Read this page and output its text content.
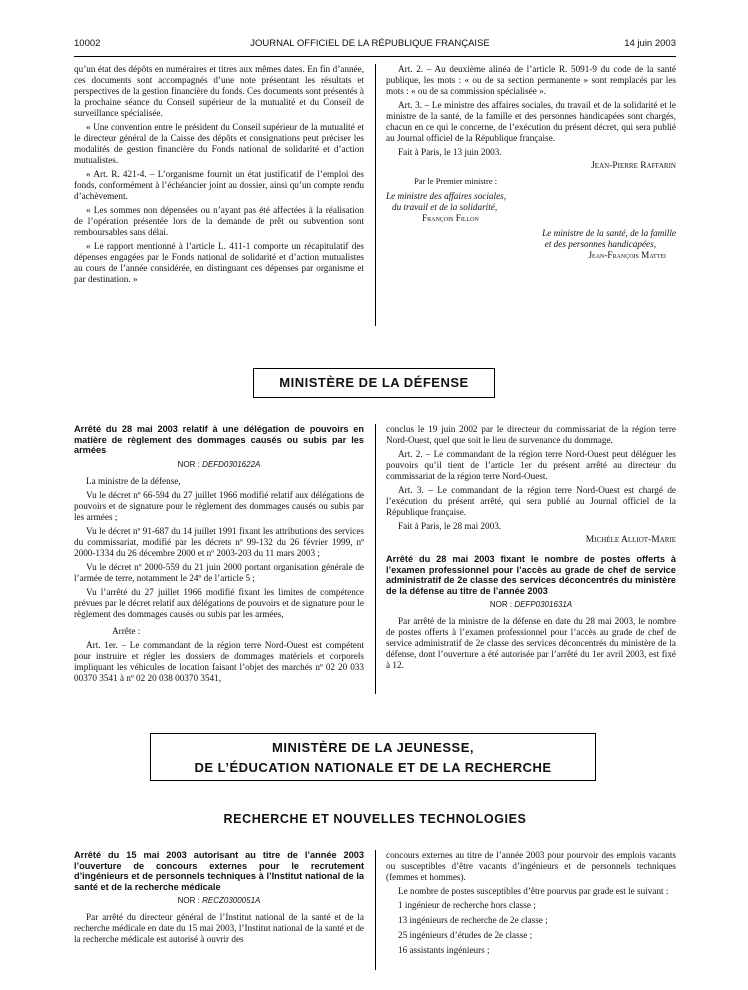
10002	JOURNAL OFFICIEL DE LA RÉPUBLIQUE FRANÇAISE	14 juin 2003

qu’un état des dépôts en numéraires et titres aux mêmes dates. En fin d’année, ces documents sont accompagnés d’une note présentant les résultats et perspectives de la gestion financière du fonds. Ces documents sont présentés à la prochaine séance du Conseil supérieur de la mutualité et du Conseil de surveillance spécialisée.

« Une convention entre le président du Conseil supérieur de la mutualité et le directeur général de la Caisse des dépôts et consignations peut préciser les modalités de gestion financière du Fonds national de solidarité et d’action mutualistes.

« Art. R. 421-4. – L’organisme fournit un état justificatif de l’emploi des fonds, conformément à l’échéancier joint au dossier, ainsi qu’un compte rendu d’achèvement.

« Les sommes non dépensées ou n’ayant pas été affectées à la réalisation de l’opération présentée lors de la demande de prêt ou subvention sont remboursables sans délai.

« Le rapport mentionné à l’article L. 411-1 comporte un récapitulatif des dépenses engagées par le Fonds national de solidarité et d’action mutualistes au cours de l’année considérée, en distinguant ces dépenses par organisme et par destination. »

Art. 2. – Au deuxième alinéa de l’article R. 5091-9 du code de la santé publique, les mots : « ou de sa section permanente » sont remplacés par les mots : « ou de sa commission spécialisée ».

Art. 3. – Le ministre des affaires sociales, du travail et de la solidarité et le ministre de la santé, de la famille et des personnes handicapées sont chargés, chacun en ce qui le concerne, de l’exécution du présent décret, qui sera publié au Journal officiel de la République française.

Fait à Paris, le 13 juin 2003.

Jean-Pierre Raffarin
Par le Premier ministre :
Le ministre des affaires sociales,
du travail et de la solidarité,
François Fillon
Le ministre de la santé, de la famille
et des personnes handicapées,
Jean-François Mattei
MINISTÈRE DE LA DÉFENSE
Arrêté du 28 mai 2003 relatif à une délégation de pouvoirs en matière de règlement des dommages causés ou subis par les armées
NOR : DEFD0301622A

La ministre de la défense,

Vu le décret nº 66-594 du 27 juillet 1966 modifié relatif aux délégations de pouvoirs et de signature pour le règlement des dommages causés ou subis par les armées ;

Vu le décret nº 91-687 du 14 juillet 1991 fixant les attributions des services du commissariat, modifié par les décrets nº 99-132 du 26 février 1999, nº 2000-1334 du 26 décembre 2000 et nº 2003-203 du 11 mars 2003 ;

Vu le décret nº 2000-559 du 21 juin 2000 portant organisation générale de l’armée de terre, notamment le 24º de l’article 5 ;

Vu l’arrêté du 27 juillet 1966 modifié fixant les limites de compétence prévues par le décret relatif aux délégations de pouvoirs et de signature pour le règlement des dommages causés ou subis par les armées,

Arrête :

Art. 1er. – Le commandant de la région terre Nord-Ouest est compétent pour instruire et régler les dossiers de dommages matériels et corporels impliquant les véhicules de location faisant l’objet des marchés nº 02 20 033 00370 3541 à nº 02 20 038 00370 3541,

conclus le 19 juin 2002 par le directeur du commissariat de la région terre Nord-Ouest, quel que soit le lieu de survenance du dommage.

Art. 2. – Le commandant de la région terre Nord-Ouest peut déléguer les pouvoirs qu’il tient de l’article 1er du présent arrêté au directeur du commissariat de la région terre Nord-Ouest.

Art. 3. – Le commandant de la région terre Nord-Ouest est chargé de l’exécution du présent arrêté, qui sera publié au Journal officiel de la République française.

Fait à Paris, le 28 mai 2003.

Michèle Alliot-Marie
Arrêté du 28 mai 2003 fixant le nombre de postes offerts à l’examen professionnel pour l’accès au grade de chef de service administratif de 2e classe des services déconcentrés du ministère de la défense au titre de l’année 2003
NOR : DEFP0301631A

Par arrêté de la ministre de la défense en date du 28 mai 2003, le nombre de postes offerts à l’examen professionnel pour l’accès au grade de chef de service administratif de 2e classe des services déconcentrés du ministère de la défense, dont l’ouverture a été autorisée par l’arrêté du 1er avril 2003, est fixé à 12.

MINISTÈRE DE LA JEUNESSE,
DE L’ÉDUCATION NATIONALE ET DE LA RECHERCHE
RECHERCHE ET NOUVELLES TECHNOLOGIES
Arrêté du 15 mai 2003 autorisant au titre de l’année 2003 l’ouverture de concours externes pour le recrutement d’ingénieurs et de personnels techniques à l’Institut national de la santé et de la recherche médicale
NOR : RECZ0300051A

Par arrêté du directeur général de l’Institut national de la santé et de la recherche médicale en date du 15 mai 2003, l’Institut national de la santé et de la recherche médicale est autorisé à ouvrir des

concours externes au titre de l’année 2003 pour pourvoir des emplois vacants ou susceptibles d’être vacants d’ingénieurs et de personnels techniques (femmes et hommes).

Le nombre de postes susceptibles d’être pourvus par grade est le suivant :

1 ingénieur de recherche hors classe ;
13 ingénieurs de recherche de 2e classe ;
25 ingénieurs d’études de 2e classe ;
16 assistants ingénieurs ;
